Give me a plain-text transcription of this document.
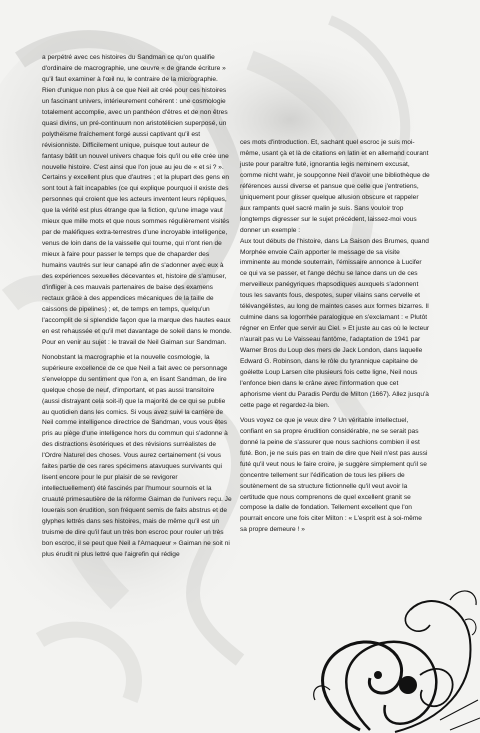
a perpétré avec ces histoires du Sandman ce qu'on qualifie d'ordinaire de macrographie, une œuvre « de grande écriture » qu'il faut examiner à l'œil nu, le contraire de la micrographie. Rien d'unique non plus à ce que Neil ait créé pour ces histoires un fascinant univers, intérieurement cohérent : une cosmologie totalement accomplie, avec un panthéon d'êtres et de non êtres quasi divins, un pré-continuum non aristotélicien superposé, un polythéisme fraîchement forgé aussi captivant qu'il est révisionniste. Difficilement unique, puisque tout auteur de fantasy bâtit un nouvel univers chaque fois qu'il ou elle crée une nouvelle histoire. C'est ainsi que l'on joue au jeu de « et si ? ». Certains y excellent plus que d'autres ; et la plupart des gens en sont tout à fait incapables (ce qui explique pourquoi il existe des personnes qui croient que les acteurs inventent leurs répliques, que la vérité est plus étrange que la fiction, qu'une image vaut mieux que mille mots et que nous sommes régulièrement visités par de maléfiques extra-terrestres d'une incroyable intelligence, venus de loin dans de la vaisselle qui tourne, qui n'ont rien de mieux à faire pour passer le temps que de chaparder des humains vautrés sur leur canapé afin de s'adonner avec eux à des expériences sexuelles décevantes et, histoire de s'amuser, d'infliger à ces mauvais partenaires de baise des examens rectaux grâce à des appendices mécaniques de la taille de caissons de pipelines) ; et, de temps en temps, quelqu'un l'accomplit de si splendide façon que la marque des hautes eaux en est rehaussée et qu'il met davantage de soleil dans le monde. Pour en venir au sujet : le travail de Neil Gaiman sur Sandman.

Nonobstant la macrographie et la nouvelle cosmologie, la supérieure excellence de ce que Neil a fait avec ce personnage s'enveloppe du sentiment que l'on a, en lisant Sandman, de lire quelque chose de neuf, d'important, et pas aussi transitoire (aussi distrayant cela soit-il) que la majorité de ce qui se publie au quotidien dans les comics. Si vous avez suivi la carrière de Neil comme intelligence directrice de Sandman, vous vous êtes pris au piège d'une intelligence hors du commun qui s'adonne à des distractions ésotériques et des révisions surréalistes de l'Ordre Naturel des choses. Vous aurez certainement (si vous faites partie de ces rares spécimens atavuques survivants qui lisent encore pour le pur plaisir de se revigorer intellectuellement) été fascinés par l'humour sournois et la cruauté primesautière de la réforme Gaiman de l'univers reçu. Je louerais son érudition, son fréquent semis de faits abstrus et de glyphes lettrés dans ses histoires, mais de même qu'il est un truisme de dire qu'il faut un très bon escroc pour rouler un très bon escroc, il se peut que Neil a l'Arnaqueur » Gaiman ne soit ni plus érudit ni plus lettré que l'aigrefin qui rédige

ces mots d'introduction. Et, sachant quel escroc je suis moi-même, usant çà et là de citations en latin et en allemand courant juste pour paraître futé, ignorantia legis neminem excusat, comme nicht wahr, je soupçonne Neil d'avoir une bibliothèque de références aussi diverse et pansue que celle que j'entretiens, uniquement pour glisser quelque allusion obscure et rappeler aux rampants quel sacré malin je suis. Sans vouloir trop longtemps digresser sur le sujet précédent, laissez-moi vous donner un exemple :

Aux tout débuts de l'histoire, dans La Saison des Brumes, quand Morphée envoie Caïn apporter le message de sa visite imminente au monde souterrain, l'émissaire annonce à Lucifer ce qui va se passer, et l'ange déchu se lance dans un de ces merveilleux panégyriques rhapsodiques auxquels s'adonnent tous les savants fous, despotes, super vilains sans cervelle et télévangélistes, au long de maintes cases aux formes bizarres. Il culmine dans sa logorrhée paralogique en s'exclamant : « Plutôt régner en Enfer que servir au Ciel. » Et juste au cas où le lecteur n'aurait pas vu Le Vaisseau fantôme, l'adaptation de 1941 par Warner Bros du Loup des mers de Jack London, dans laquelle Edward G. Robinson, dans le rôle du tyrannique capitaine de goélette Loup Larsen cite plusieurs fois cette ligne, Neil nous l'enfonce bien dans le crâne avec l'information que cet aphorisme vient du Paradis Perdu de Milton (1667). Allez jusqu'à cette page et regardez-la bien.

Vous voyez ce que je veux dire ? Un véritable intellectuel, confiant en sa propre érudition considérable, ne se serait pas donné la peine de s'assurer que nous sachions combien il est futé. Bon, je ne suis pas en train de dire que Neil n'est pas aussi futé qu'il veut nous le faire croire, je suggère simplement qu'il se concentre tellement sur l'édification de tous les piliers de soutènement de sa structure fictionnelle qu'il veut avoir la certitude que nous comprenons de quel excellent granit se compose la dalle de fondation. Tellement excellent que l'on pourrait encore une fois citer Milton : « L'esprit est à soi-même sa propre demeure ! »
